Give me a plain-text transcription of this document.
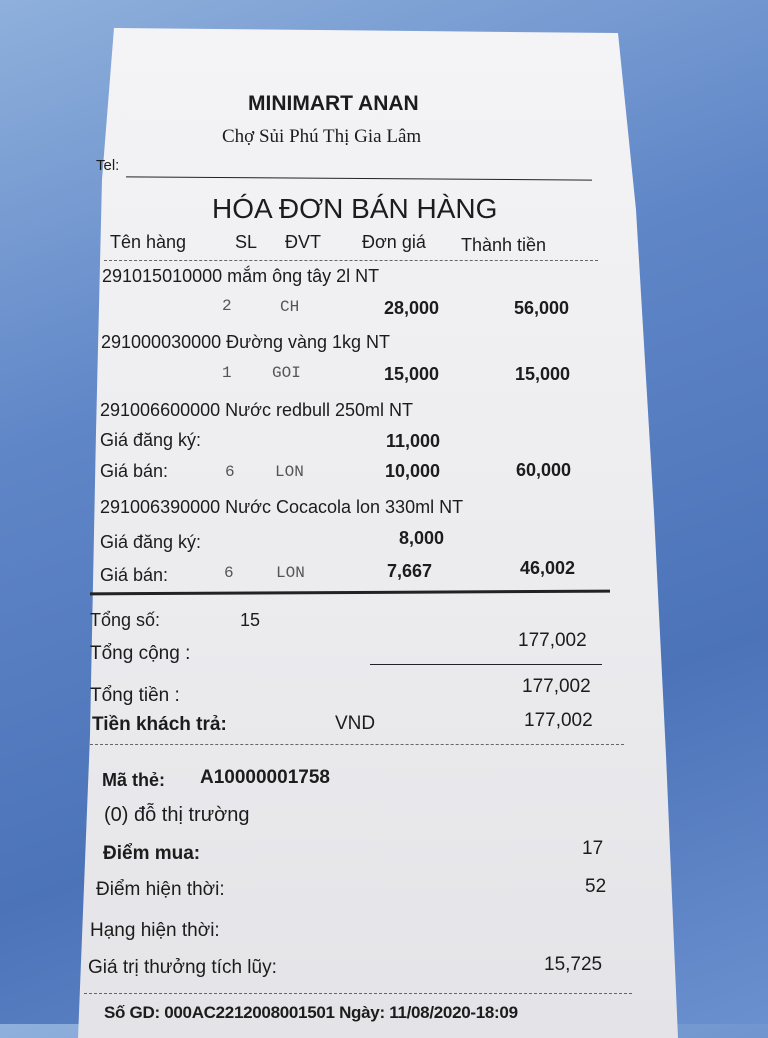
MINIMART ANAN
Chợ Sủi Phú Thị Gia Lâm
Tel:
HÓA ĐƠN BÁN HÀNG
Tên hàng	SL ĐVT Đơn giá Thành tiền
291015010000 mắm ông tây 2l NT
2	CH	28,000	56,000
291000030000 Đường vàng 1kg NT
1	GOI	15,000	15,000
291006600000 Nước redbull 250ml NT
Giá đăng ký:	11,000
Giá bán:	6	LON	10,000	60,000
291006390000 Nước Cocacola lon 330ml NT
Giá đăng ký:	8,000
Giá bán:	6	LON	7,667	46,002
Tổng số:	15
Tổng cộng :
177,002
Tổng tiền :	177,002
Tiền khách trả:	VND	177,002
Mã thẻ: A10000001758
(0) đỗ thị trường
Điểm mua:	17
Điểm hiện thời:	52
Hạng hiện thời:
Giá trị thưởng tích lũy:	15,725
Số GD: 000AC2212008001501 Ngày: 11/08/2020-18:09
